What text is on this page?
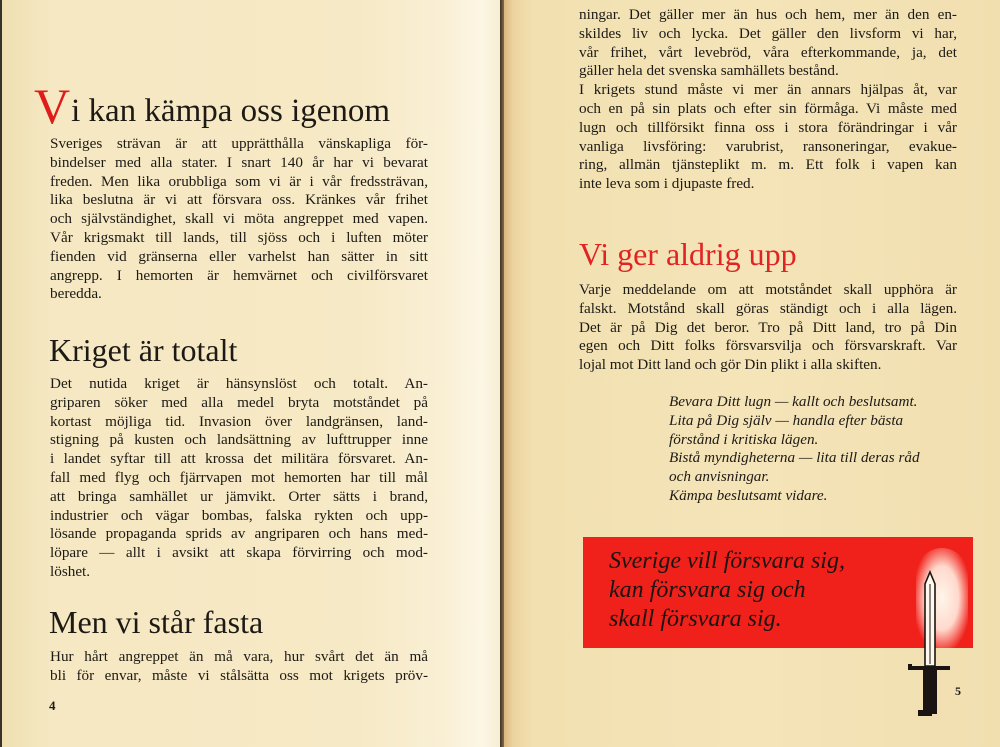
Vi kan kämpa oss igenom
Sveriges strävan är att upprätthålla vänskapliga för-
bindelser med alla stater. I snart 140 år har vi bevarat
freden. Men lika orubbliga som vi är i vår fredssträvan,
lika beslutna är vi att försvara oss. Kränkes vår frihet
och självständighet, skall vi möta angreppet med vapen.
Vår krigsmakt till lands, till sjöss och i luften möter
fienden vid gränserna eller varhelst han sätter in sitt
angrepp. I hemorten är hemvärnet och civilförsvaret
beredda.
Kriget är totalt
Det nutida kriget är hänsynslöst och totalt. An-
griparen söker med alla medel bryta motståndet på
kortast möjliga tid. Invasion över landgränsen, land-
stigning på kusten och landsättning av lufttrupper inne
i landet syftar till att krossa det militära försvaret. An-
fall med flyg och fjärrvapen mot hemorten har till mål
att bringa samhället ur jämvikt. Orter sätts i brand,
industrier och vägar bombas, falska rykten och upp-
lösande propaganda sprids av angriparen och hans med-
löpare — allt i avsikt att skapa förvirring och mod-
löshet.
Men vi står fasta
Hur hårt angreppet än må vara, hur svårt det än må
bli för envar, måste vi stålsätta oss mot krigets pröv-
4
ningar. Det gäller mer än hus och hem, mer än den en-
skildes liv och lycka. Det gäller den livsform vi har,
vår frihet, vårt levebröd, våra efterkommande, ja, det
gäller hela det svenska samhällets bestånd.
I krigets stund måste vi mer än annars hjälpas åt, var
och en på sin plats och efter sin förmåga. Vi måste med
lugn och tillförsikt finna oss i stora förändringar i vår
vanliga livsföring: varubrist, ransoneringar, evakue-
ring, allmän tjänsteplikt m. m. Ett folk i vapen kan
inte leva som i djupaste fred.
Vi ger aldrig upp
Varje meddelande om att motståndet skall upphöra är
falskt. Motstånd skall göras ständigt och i alla lägen.
Det är på Dig det beror. Tro på Ditt land, tro på Din
egen och Ditt folks försvarsvilja och försvarskraft. Var
lojal mot Ditt land och gör Din plikt i alla skiften.
Bevara Ditt lugn — kallt och beslutsamt.
Lita på Dig själv — handla efter bästa
förstånd i kritiska lägen.
Bistå myndigheterna — lita till deras råd
och anvisningar.
Kämpa beslutsamt vidare.
5
Sverige vill försvara sig,
kan försvara sig och
skall försvara sig.
